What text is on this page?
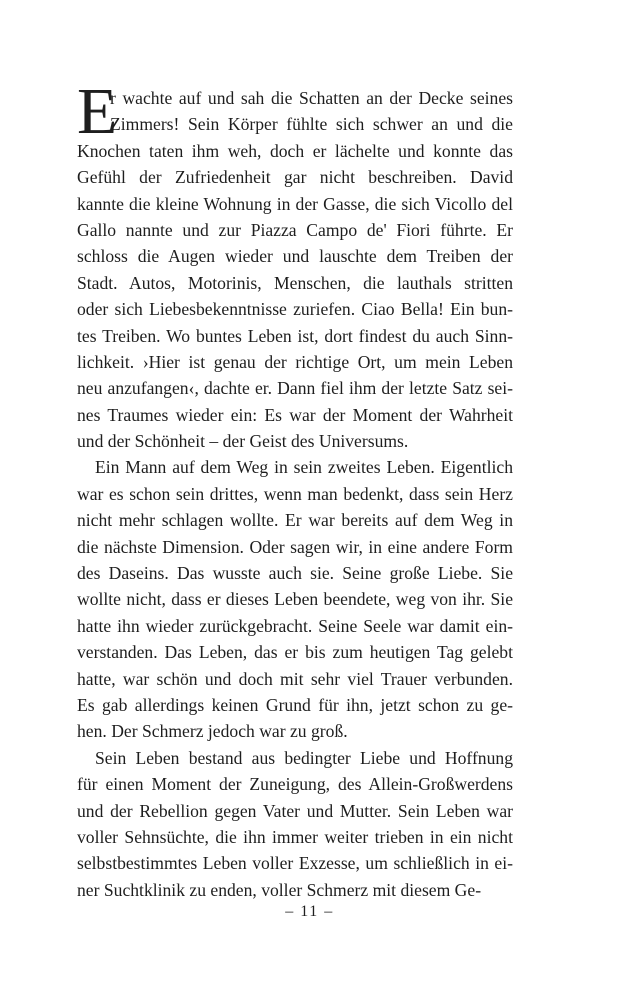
E
r wachte auf und sah die Schatten an der Decke seines
Zimmers! Sein Körper fühlte sich schwer an und die
Knochen taten ihm weh, doch er lächelte und konnte das
Gefühl der Zufriedenheit gar nicht beschreiben. David
kannte die kleine Wohnung in der Gasse, die sich Vicollo del
Gallo nannte und zur Piazza Campo de' Fiori führte. Er
schloss die Augen wieder und lauschte dem Treiben der
Stadt. Autos, Motorinis, Menschen, die lauthals stritten
oder sich Liebesbekenntnisse zuriefen. Ciao Bella! Ein bun-
tes Treiben. Wo buntes Leben ist, dort findest du auch Sinn-
lichkeit. ›Hier ist genau der richtige Ort, um mein Leben
neu anzufangen‹, dachte er. Dann fiel ihm der letzte Satz sei-
nes Traumes wieder ein: Es war der Moment der Wahrheit
und der Schönheit – der Geist des Universums.
Ein Mann auf dem Weg in sein zweites Leben. Eigentlich
war es schon sein drittes, wenn man bedenkt, dass sein Herz
nicht mehr schlagen wollte. Er war bereits auf dem Weg in
die nächste Dimension. Oder sagen wir, in eine andere Form
des Daseins. Das wusste auch sie. Seine große Liebe. Sie
wollte nicht, dass er dieses Leben beendete, weg von ihr. Sie
hatte ihn wieder zurückgebracht. Seine Seele war damit ein-
verstanden. Das Leben, das er bis zum heutigen Tag gelebt
hatte, war schön und doch mit sehr viel Trauer verbunden.
Es gab allerdings keinen Grund für ihn, jetzt schon zu ge-
hen. Der Schmerz jedoch war zu groß.
Sein Leben bestand aus bedingter Liebe und Hoffnung
für einen Moment der Zuneigung, des Allein-Großwerdens
und der Rebellion gegen Vater und Mutter. Sein Leben war
voller Sehnsüchte, die ihn immer weiter trieben in ein nicht
selbstbestimmtes Leben voller Exzesse, um schließlich in ei-
ner Suchtklinik zu enden, voller Schmerz mit diesem Ge-
– 11 –
